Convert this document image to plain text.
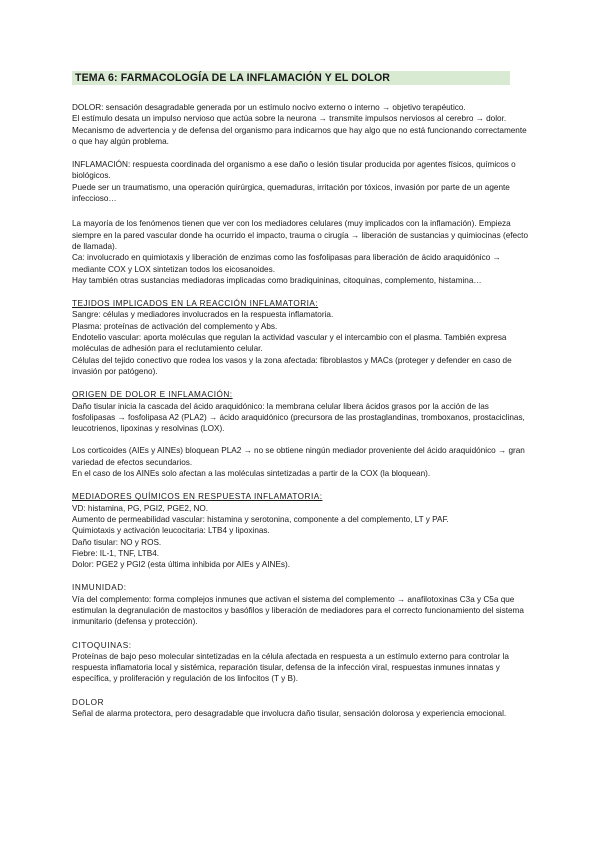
TEMA 6: FARMACOLOGÍA DE LA INFLAMACIÓN Y EL DOLOR

DOLOR: sensación desagradable generada por un estímulo nocivo externo o interno → objetivo terapéutico.

El estímulo desata un impulso nervioso que actúa sobre la neurona → transmite impulsos nerviosos al cerebro → dolor.

Mecanismo de advertencia y de defensa del organismo para indicarnos que hay algo que no está funcionando correctamente o que hay algún problema.

INFLAMACIÓN: respuesta coordinada del organismo a ese daño o lesión tisular producida por agentes físicos, químicos o biológicos.

Puede ser un traumatismo, una operación quirúrgica, quemaduras, irritación por tóxicos, invasión por parte de un agente infeccioso…

La mayoría de los fenómenos tienen que ver con los mediadores celulares (muy implicados con la inflamación). Empieza siempre en la pared vascular donde ha ocurrido el impacto, trauma o cirugía → liberación de sustancias y quimiocinas (efecto de llamada).

Ca: involucrado en quimiotaxis y liberación de enzimas como las fosfolipasas para liberación de ácido araquidónico → mediante COX y LOX sintetizan todos los eicosanoides.

Hay también otras sustancias mediadoras implicadas como bradiquininas, citoquinas, complemento, histamina…

TEJIDOS IMPLICADOS EN LA REACCIÓN INFLAMATORIA:

Sangre: células y mediadores involucrados en la respuesta inflamatoria.

Plasma: proteínas de activación del complemento y Abs.

Endotelio vascular: aporta moléculas que regulan la actividad vascular y el intercambio con el plasma. También expresa moléculas de adhesión para el reclutamiento celular.

Células del tejido conectivo que rodea los vasos y la zona afectada: fibroblastos y MACs (proteger y defender en caso de invasión por patógeno).

ORIGEN DE DOLOR E INFLAMACIÓN:

Daño tisular inicia la cascada del ácido araquidónico: la membrana celular libera ácidos grasos por la acción de las fosfolipasas → fosfolipasa A2 (PLA2) → ácido araquidónico (precursora de las prostaglandinas, tromboxanos, prostaciclinas, leucotrienos, lipoxinas y resolvinas (LOX).

Los corticoides (AIEs y AINEs) bloquean PLA2 → no se obtiene ningún mediador proveniente del ácido araquidónico → gran variedad de efectos secundarios.

En el caso de los AINEs solo afectan a las moléculas sintetizadas a partir de la COX (la bloquean).

MEDIADORES QUÍMICOS EN RESPUESTA INFLAMATORIA:

VD: histamina, PG, PGI2, PGE2, NO.

Aumento de permeabilidad vascular: histamina y serotonina, componente a del complemento, LT y PAF.

Quimiotaxis y activación leucocitaria: LTB4 y lipoxinas.

Daño tisular: NO y ROS.

Fiebre: IL-1, TNF, LTB4.

Dolor: PGE2 y PGI2 (esta última inhibida por AIEs y AINEs).

INMUNIDAD:

Vía del complemento: forma complejos inmunes que activan el sistema del complemento → anafilotoxinas C3a y C5a que estimulan la degranulación de mastocitos y basófilos y liberación de mediadores para el correcto funcionamiento del sistema inmunitario (defensa y protección).

CITOQUINAS:

Proteínas de bajo peso molecular sintetizadas en la célula afectada en respuesta a un estímulo externo para controlar la respuesta inflamatoria local y sistémica, reparación tisular, defensa de la infección viral, respuestas inmunes innatas y específica, y proliferación y regulación de los linfocitos (T y B).

DOLOR

Señal de alarma protectora, pero desagradable que involucra daño tisular, sensación dolorosa y experiencia emocional.
